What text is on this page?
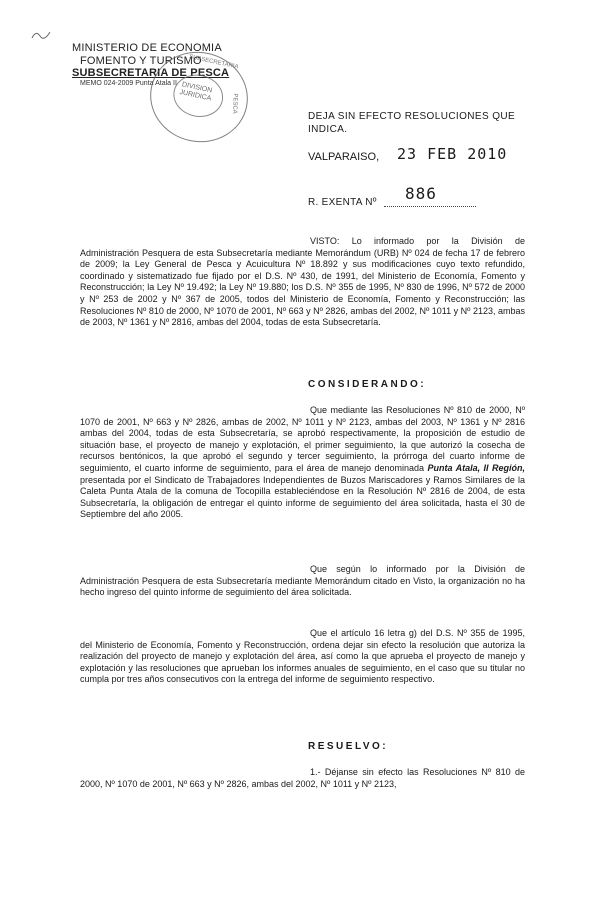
MINISTERIO DE ECONOMIA
FOMENTO Y TURISMO
SUBSECRETARIA DE PESCA
MEMO 024-2009 Punta Atala II DIVISION
JURIDICA
SUBSECRETARIA
PESCA
DEJA SIN EFECTO RESOLUCIONES QUE INDICA.
VALPARAISO, 23 FEB 2010
886
R. EXENTA Nº

VISTO: Lo informado por la División de Administración Pesquera de esta Subsecretaría mediante Memorándum (URB) Nº 024 de fecha 17 de febrero de 2009; la Ley General de Pesca y Acuicultura Nº 18.892 y sus modificaciones cuyo texto refundido, coordinado y sistematizado fue fijado por el D.S. Nº 430, de 1991, del Ministerio de Economía, Fomento y Reconstrucción; la Ley Nº 19.492; la Ley Nº 19.880; los D.S. Nº 355 de 1995, Nº 830 de 1996, Nº 572 de 2000 y Nº 253 de 2002 y Nº 367 de 2005, todos del Ministerio de Economía, Fomento y Reconstrucción; las Resoluciones Nº 810 de 2000, Nº 1070 de 2001, Nº 663 y Nº 2826, ambas del 2002, Nº 1011 y Nº 2123, ambas de 2003, Nº 1361 y Nº 2816, ambas del 2004, todas de esta Subsecretaría.

CONSIDERANDO:

Que mediante las Resoluciones Nº 810 de 2000, Nº 1070 de 2001, Nº 663 y Nº 2826, ambas de 2002, Nº 1011 y Nº 2123, ambas del 2003, Nº 1361 y Nº 2816 ambas del 2004, todas de esta Subsecretaría, se aprobó respectivamente, la proposición de estudio de situación base, el proyecto de manejo y explotación, el primer seguimiento, la que autorizó la cosecha de recursos bentónicos, la que aprobó el segundo y tercer seguimiento, la prórroga del cuarto informe de seguimiento, el cuarto informe de seguimiento, para el área de manejo denominada Punta Atala, II Región, presentada por el Sindicato de Trabajadores Independientes de Buzos Mariscadores y Ramos Similares de la Caleta Punta Atala de la comuna de Tocopilla estableciéndose en la Resolución Nº 2816 de 2004, de esta Subsecretaría, la obligación de entregar el quinto informe de seguimiento del área solicitada, hasta el 30 de Septiembre del año 2005.

Que según lo informado por la División de Administración Pesquera de esta Subsecretaría mediante Memorándum citado en Visto, la organización no ha hecho ingreso del quinto informe de seguimiento del área solicitada.

Que el artículo 16 letra g) del D.S. Nº 355 de 1995, del Ministerio de Economía, Fomento y Reconstrucción, ordena dejar sin efecto la resolución que autoriza la realización del proyecto de manejo y explotación del área, así como la que aprueba el proyecto de manejo y explotación y las resoluciones que aprueban los informes anuales de seguimiento, en el caso que su titular no cumpla por tres años consecutivos con la entrega del informe de seguimiento respectivo.

RESUELVO:

1.- Déjanse sin efecto las Resoluciones Nº 810 de 2000, Nº 1070 de 2001, Nº 663 y Nº 2826, ambas del 2002, Nº 1011 y Nº 2123,
